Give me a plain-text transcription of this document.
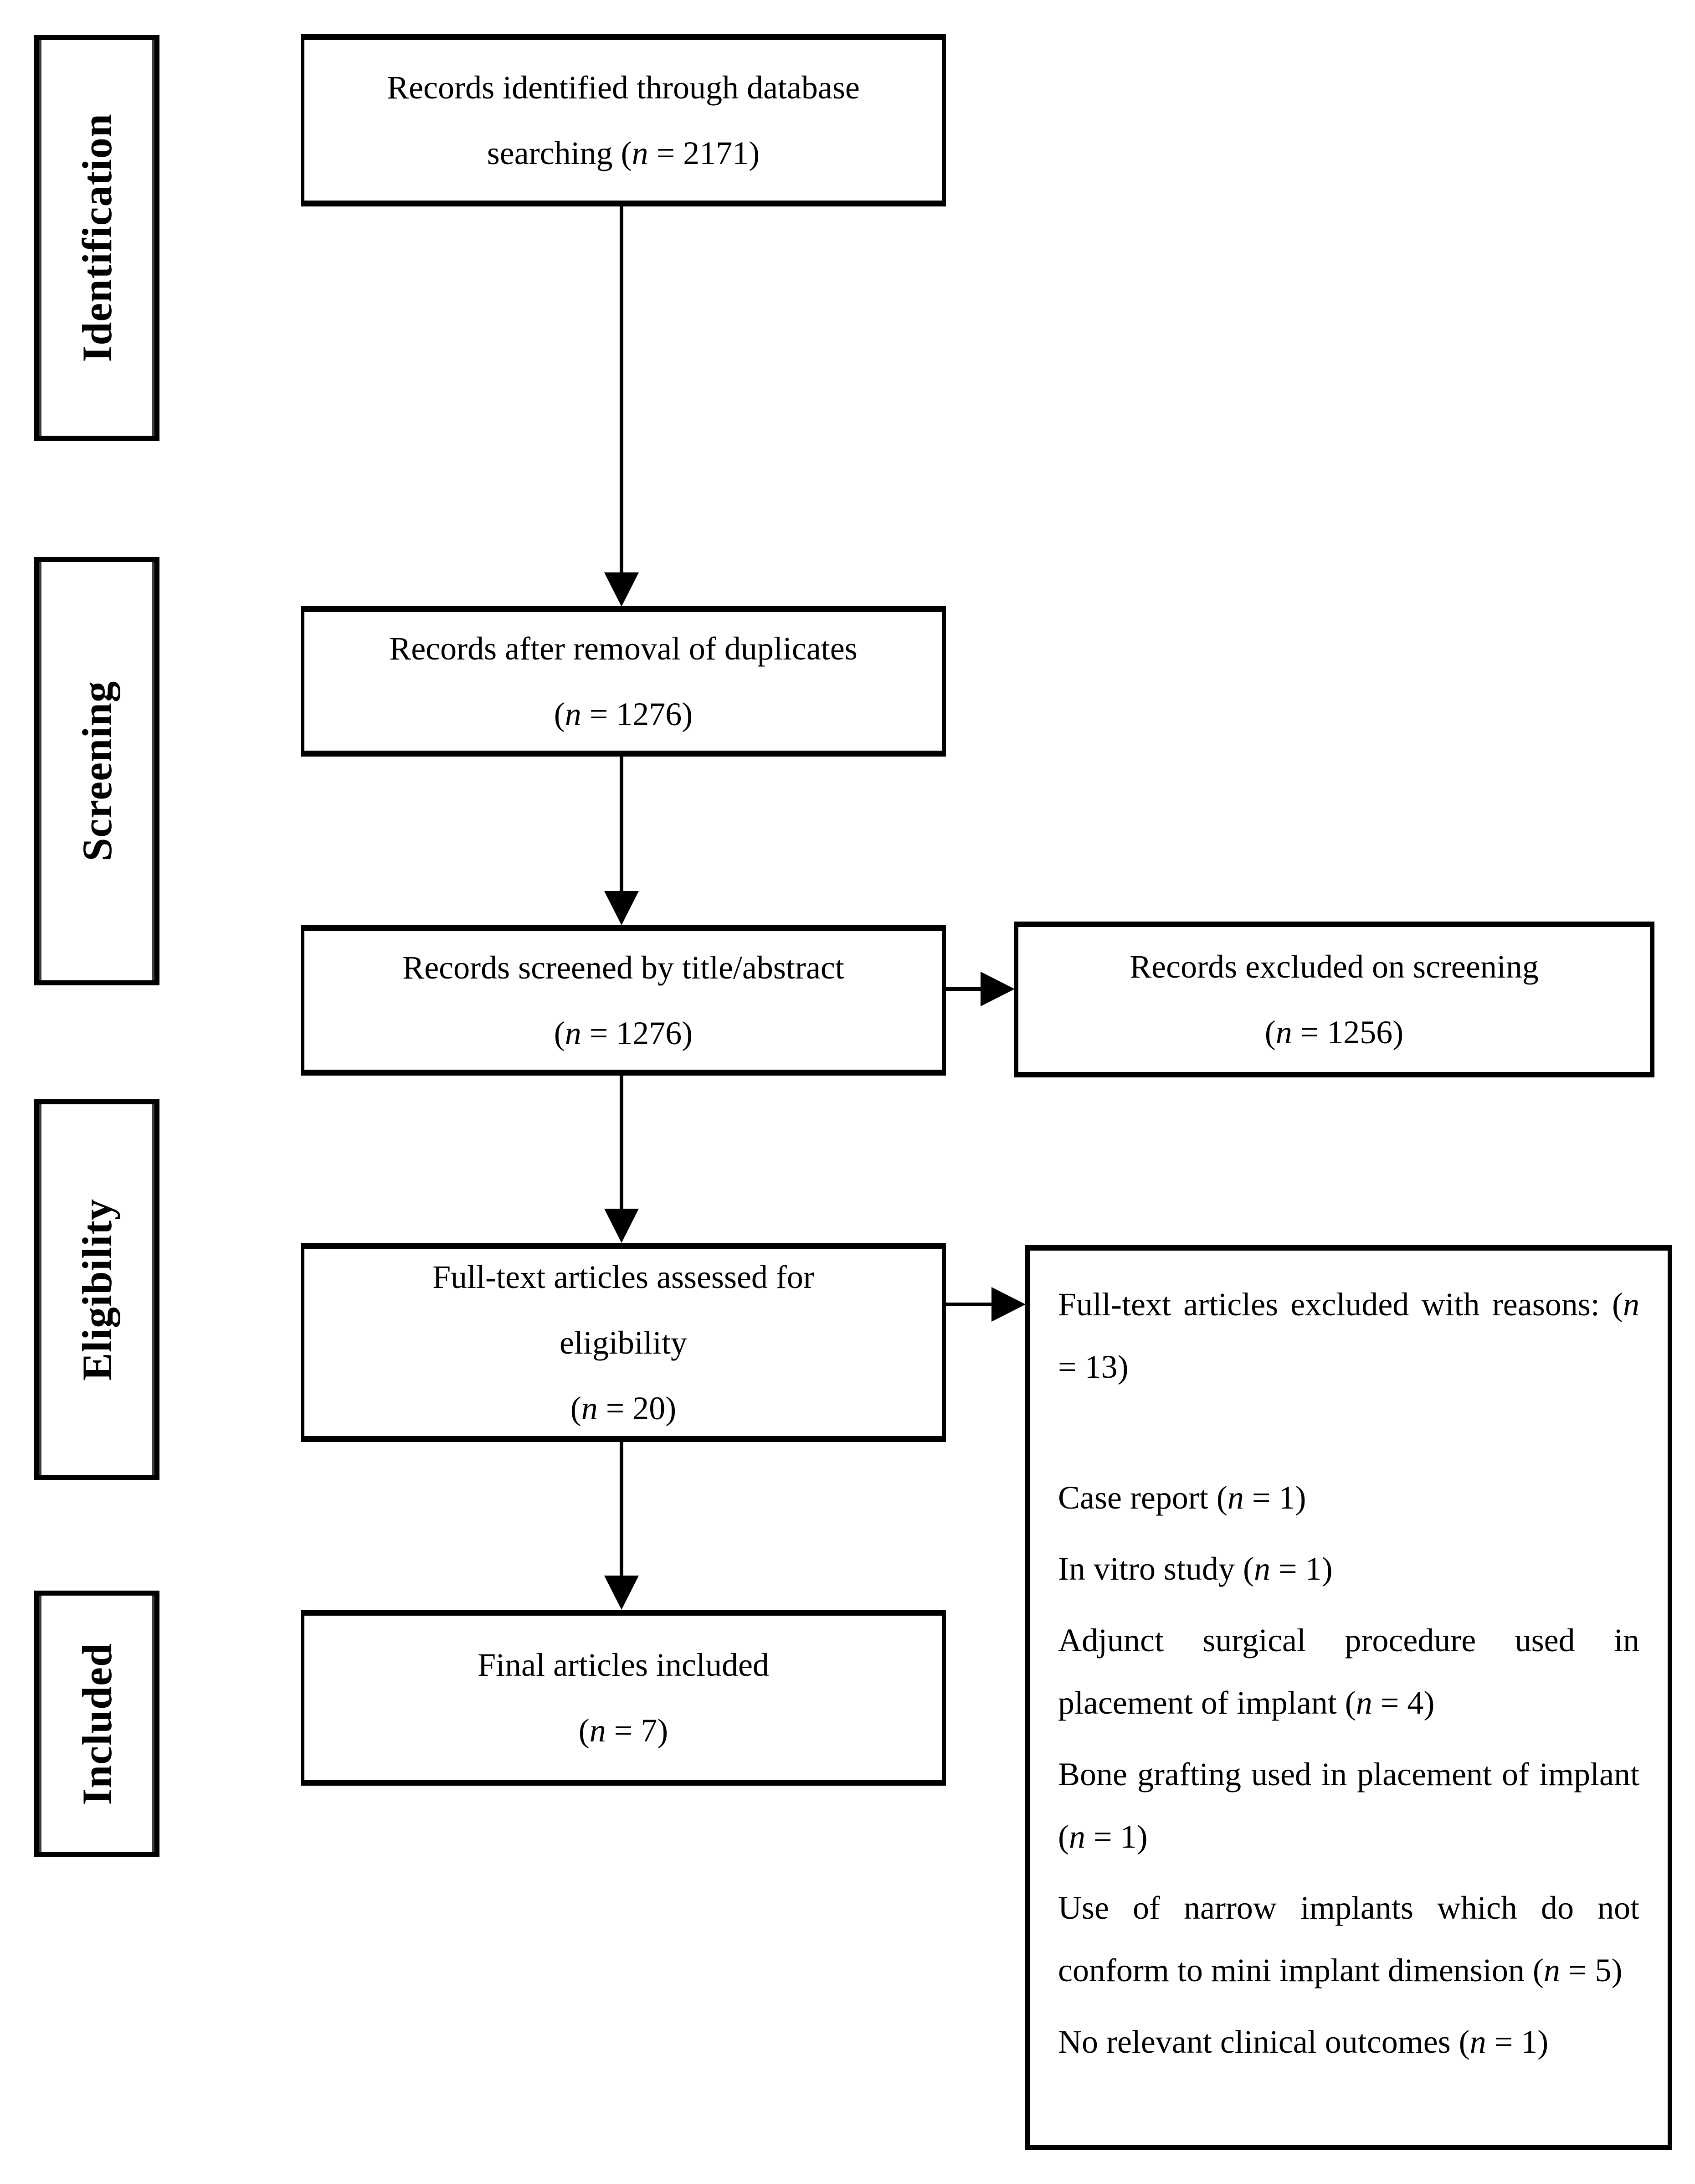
Identification
Screening
Eligibility
Included
Records identified through database
searching (n = 2171)
Records after removal of duplicates
(n = 1276)
Records screened by title/abstract
(n = 1276)
Full-text articles assessed for
eligibility
(n = 20)
Final articles included
(n = 7)
Records excluded on screening
(n = 1256)

Full-text articles excluded with reasons: (n = 13)

Case report (n = 1)

In vitro study (n = 1)

Adjunct surgical procedure used in placement of implant (n = 4)

Bone grafting used in placement of implant (n = 1)

Use of narrow implants which do not conform to mini implant dimension (n = 5)

No relevant clinical outcomes (n = 1)
